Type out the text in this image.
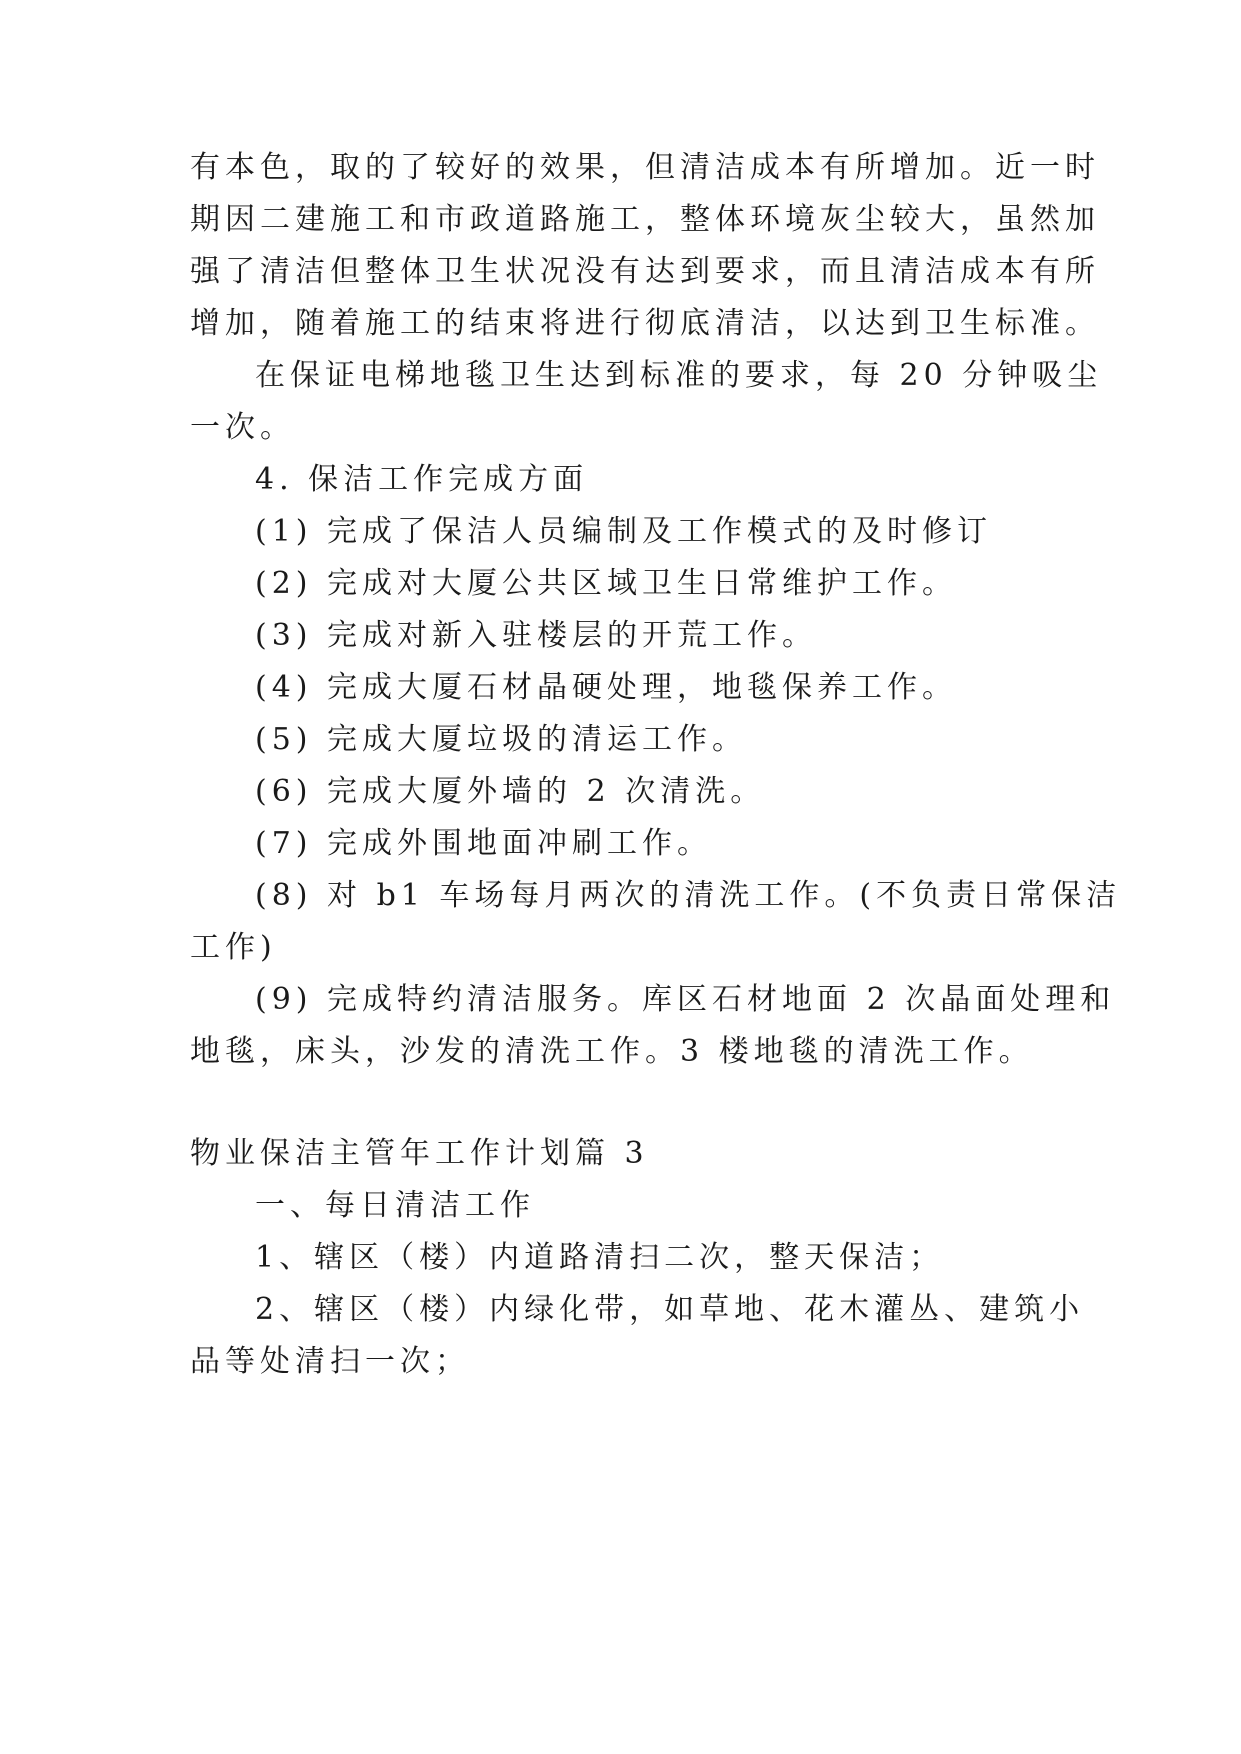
有本色，取的了较好的效果，但清洁成本有所增加。近一时
期因二建施工和市政道路施工，整体环境灰尘较大，虽然加
强了清洁但整体卫生状况没有达到要求，而且清洁成本有所
增加，随着施工的结束将进行彻底清洁，以达到卫生标准。
在保证电梯地毯卫生达到标准的要求，每 20 分钟吸尘
一次。
4. 保洁工作完成方面
(1) 完成了保洁人员编制及工作模式的及时修订
(2) 完成对大厦公共区域卫生日常维护工作。
(3) 完成对新入驻楼层的开荒工作。
(4) 完成大厦石材晶硬处理，地毯保养工作。
(5) 完成大厦垃圾的清运工作。
(6) 完成大厦外墙的 2 次清洗。
(7) 完成外围地面冲刷工作。
(8) 对 b1 车场每月两次的清洗工作。(不负责日常保洁
工作)
(9) 完成特约清洁服务。库区石材地面 2 次晶面处理和
地毯，床头，沙发的清洗工作。3 楼地毯的清洗工作。
物业保洁主管年工作计划篇 3
一、每日清洁工作
1、辖区（楼）内道路清扫二次，整天保洁；
2、辖区（楼）内绿化带，如草地、花木灌丛、建筑小
品等处清扫一次；
